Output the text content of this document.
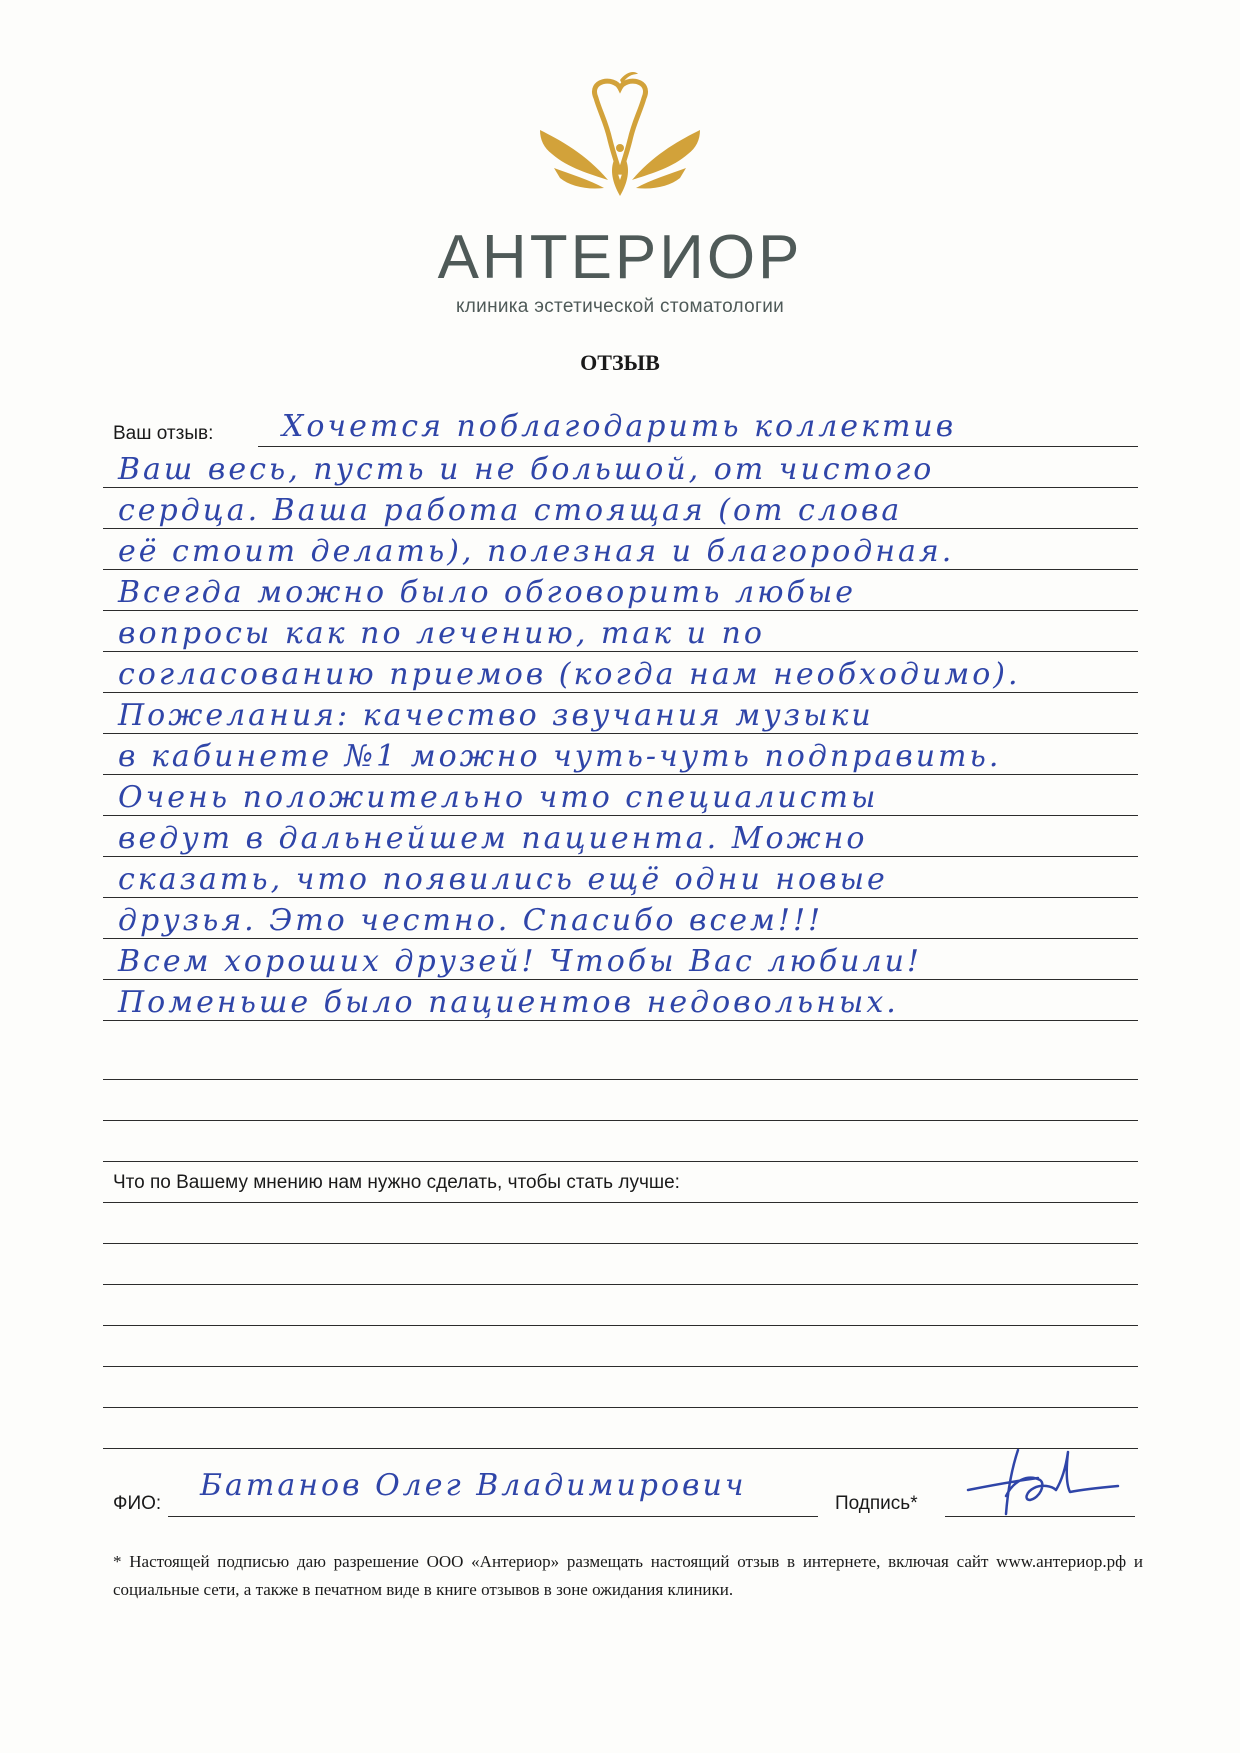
АНТЕРИОР
клиника эстетической стоматологии
ОТЗЫВ
Ваш отзыв: Хочется поблагодарить коллектив
Ваш весь, пусть и не большой, от чистого
сердца. Ваша работа стоящая (от слова
её стоит делать), полезная и благородная.
Всегда можно было обговорить любые
вопросы как по лечению, так и по
согласованию приемов (когда нам необходимо).
Пожелания: качество звучания музыки
в кабинете №1 можно чуть-чуть подправить.
Очень положительно что специалисты
ведут в дальнейшем пациента. Можно
сказать, что появились ещё одни новые
друзья. Это честно. Спасибо всем!!!
Всем хороших друзей! Чтобы Вас любили!
Поменьше было пациентов недовольных.
Что по Вашему мнению нам нужно сделать, чтобы стать лучше:
ФИО:
Батанов Олег Владимирович
Подпись*
* Настоящей подписью даю разрешение ООО «Антериор» размещать настоящий отзыв в интернете, включая сайт www.антериор.рф и социальные сети, а также в печатном виде в книге отзывов в зоне ожидания клиники.
